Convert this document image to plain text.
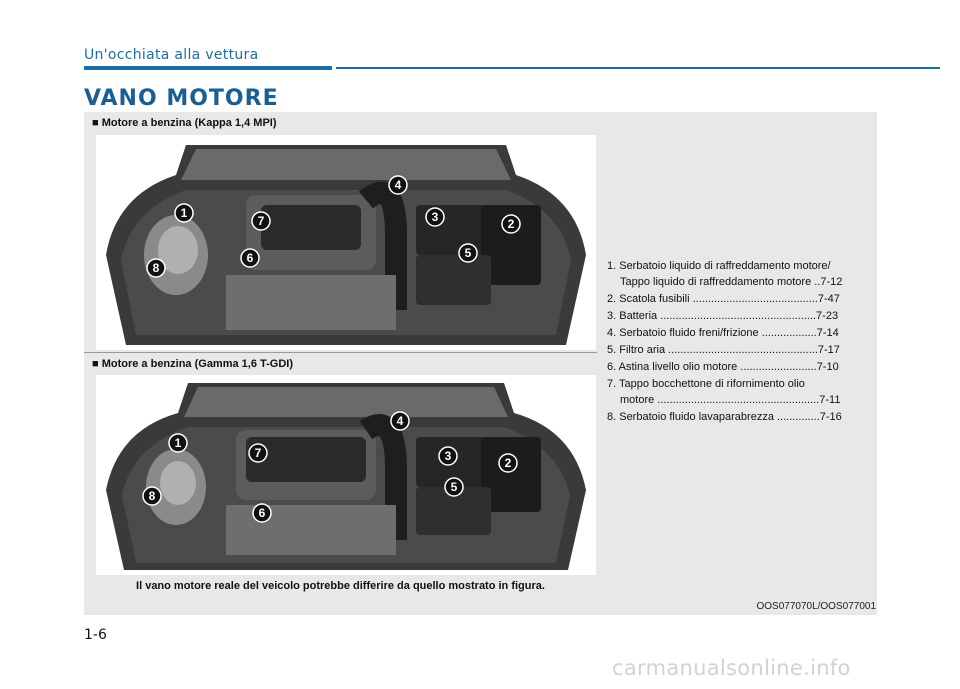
Un'occhiata alla vettura
VANO MOTORE
■ Motore a benzina (Kappa 1,4 MPI)
■ Motore a benzina (Gamma 1,6 T-GDI)
1
2
3
4
5
6
7
8
1
2
3
4
5
6
7
8
1. Serbatoio liquido di raffreddamento motore/
Tappo liquido di raffreddamento motore ..7-12
2. Scatola fusibili .........................................7-47
3. Batteria ...................................................7-23
4. Serbatoio fluido freni/frizione ..................7-14
5. Filtro aria .................................................7-17
6. Astina livello olio motore .........................7-10
7. Tappo bocchettone di rifornimento olio
motore .....................................................7-11
8. Serbatoio fluido lavaparabrezza ..............7-16
Il vano motore reale del veicolo potrebbe differire da quello mostrato in figura.
OOS077070L/OOS077001
1-6
carmanualsonline.info
